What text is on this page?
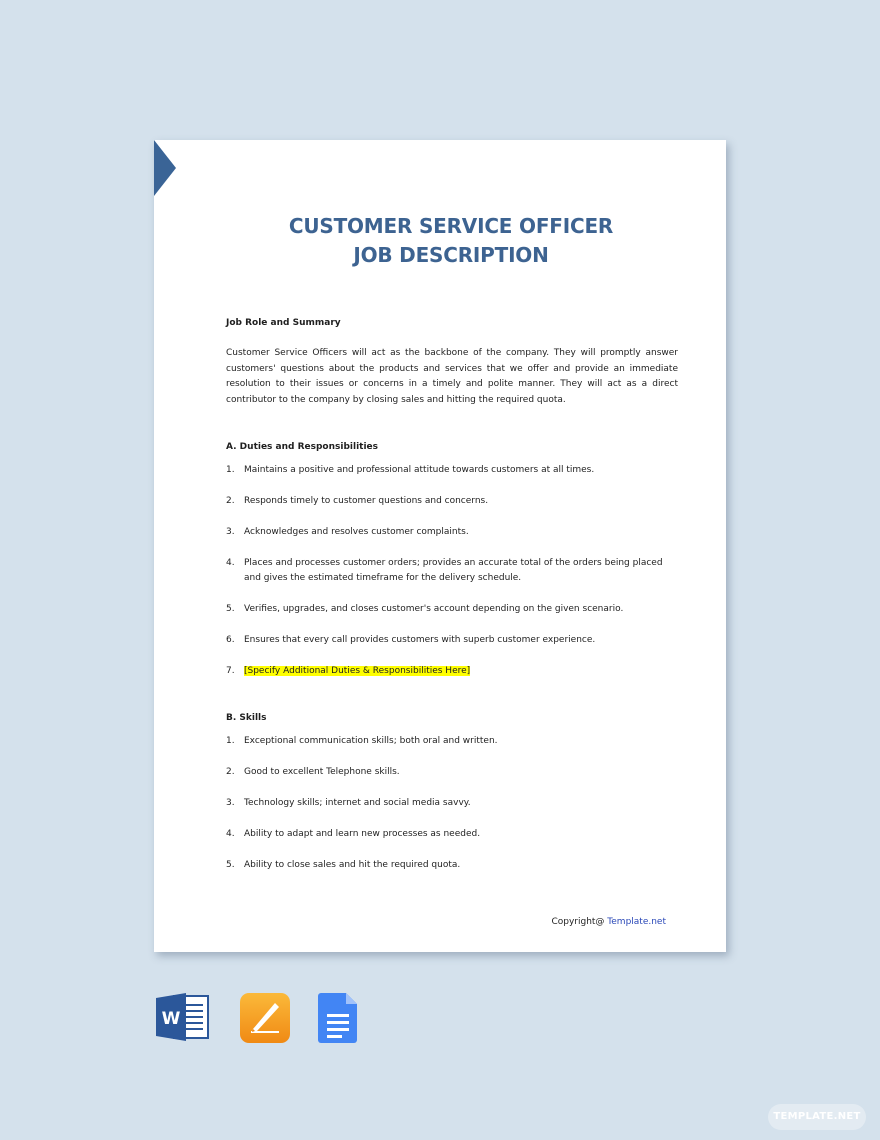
CUSTOMER SERVICE OFFICER
JOB DESCRIPTION
Job Role and Summary

Customer Service Officers will act as the backbone of the company. They will promptly answer customers' questions about the products and services that we offer and provide an immediate resolution to their issues or concerns in a timely and polite manner. They will act as a direct contributor to the company by closing sales and hitting the required quota.

A. Duties and Responsibilities
1.	Maintains a positive and professional attitude towards customers at all times.
2.	Responds timely to customer questions and concerns.
3.	Acknowledges and resolves customer complaints.
4.	Places and processes customer orders; provides an accurate total of the orders being placed and gives the estimated timeframe for the delivery schedule.
5.	Verifies, upgrades, and closes customer's account depending on the given scenario.
6.	Ensures that every call provides customers with superb customer experience.
7.	[Specify Additional Duties & Responsibilities Here]
B. Skills
1.	Exceptional communication skills; both oral and written.
2.	Good to excellent Telephone skills.
3.	Technology skills; internet and social media savvy.
4.	Ability to adapt and learn new processes as needed.
5.	Ability to close sales and hit the required quota.
Copyright@ Template.net
W
TEMPLATE.NET
